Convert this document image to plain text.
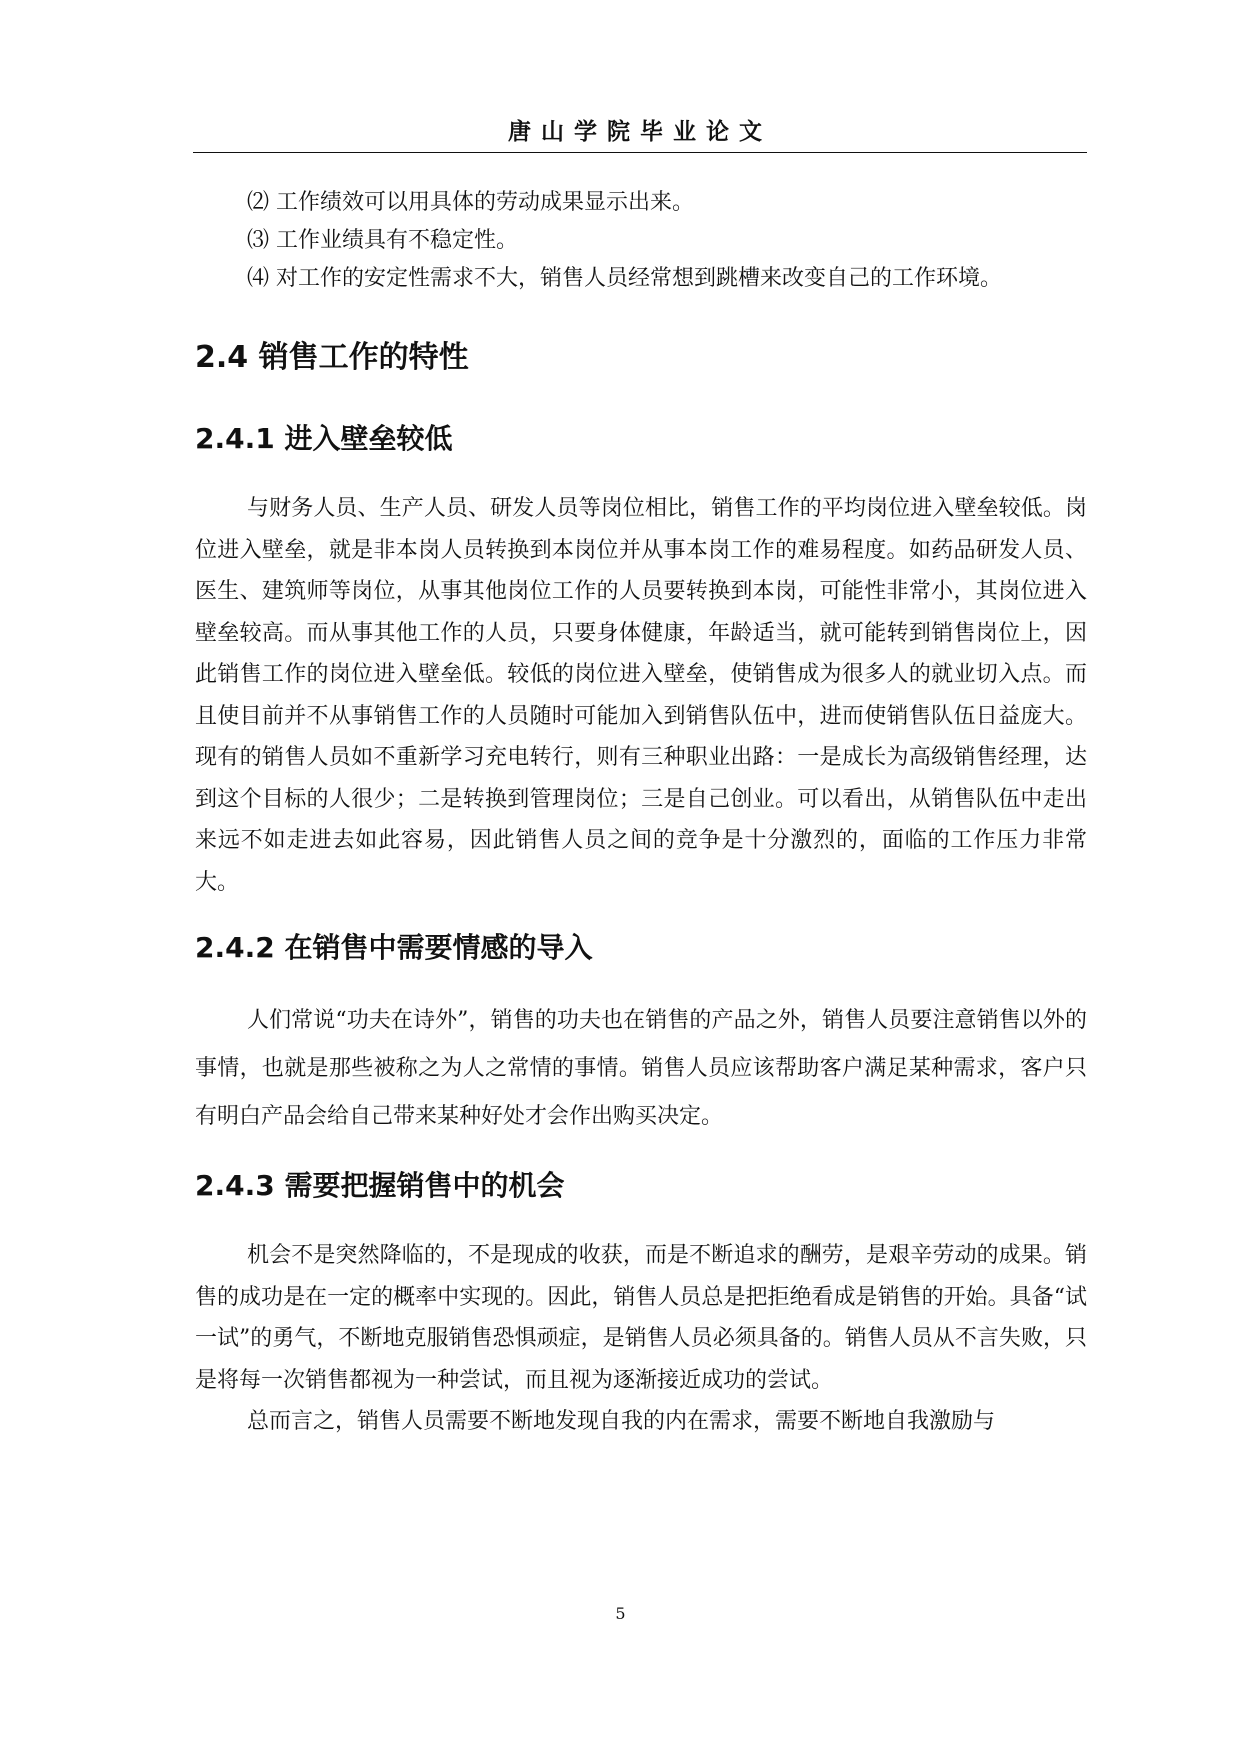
唐山学院毕业论文

⑵ 工作绩效可以用具体的劳动成果显示出来。

⑶ 工作业绩具有不稳定性。

⑷ 对工作的安定性需求不大，销售人员经常想到跳槽来改变自己的工作环境。

2.4 销售工作的特性
2.4.1 进入壁垒较低

与财务人员、生产人员、研发人员等岗位相比，销售工作的平均岗位进入壁垒较低。岗位进入壁垒，就是非本岗人员转换到本岗位并从事本岗工作的难易程度。如药品研发人员、医生、建筑师等岗位，从事其他岗位工作的人员要转换到本岗，可能性非常小，其岗位进入壁垒较高。而从事其他工作的人员，只要身体健康，年龄适当，就可能转到销售岗位上，因此销售工作的岗位进入壁垒低。较低的岗位进入壁垒，使销售成为很多人的就业切入点。而且使目前并不从事销售工作的人员随时可能加入到销售队伍中，进而使销售队伍日益庞大。现有的销售人员如不重新学习充电转行，则有三种职业出路：一是成长为高级销售经理，达到这个目标的人很少；二是转换到管理岗位；三是自己创业。可以看出，从销售队伍中走出来远不如走进去如此容易，因此销售人员之间的竞争是十分激烈的，面临的工作压力非常大。

2.4.2 在销售中需要情感的导入

人们常说“功夫在诗外”，销售的功夫也在销售的产品之外，销售人员要注意销售以外的事情，也就是那些被称之为人之常情的事情。销售人员应该帮助客户满足某种需求，客户只有明白产品会给自己带来某种好处才会作出购买决定。

2.4.3 需要把握销售中的机会

机会不是突然降临的，不是现成的收获，而是不断追求的酬劳，是艰辛劳动的成果。销售的成功是在一定的概率中实现的。因此，销售人员总是把拒绝看成是销售的开始。具备“试一试”的勇气，不断地克服销售恐惧顽症，是销售人员必须具备的。销售人员从不言失败，只是将每一次销售都视为一种尝试，而且视为逐渐接近成功的尝试。

总而言之，销售人员需要不断地发现自我的内在需求，需要不断地自我激励与

5
